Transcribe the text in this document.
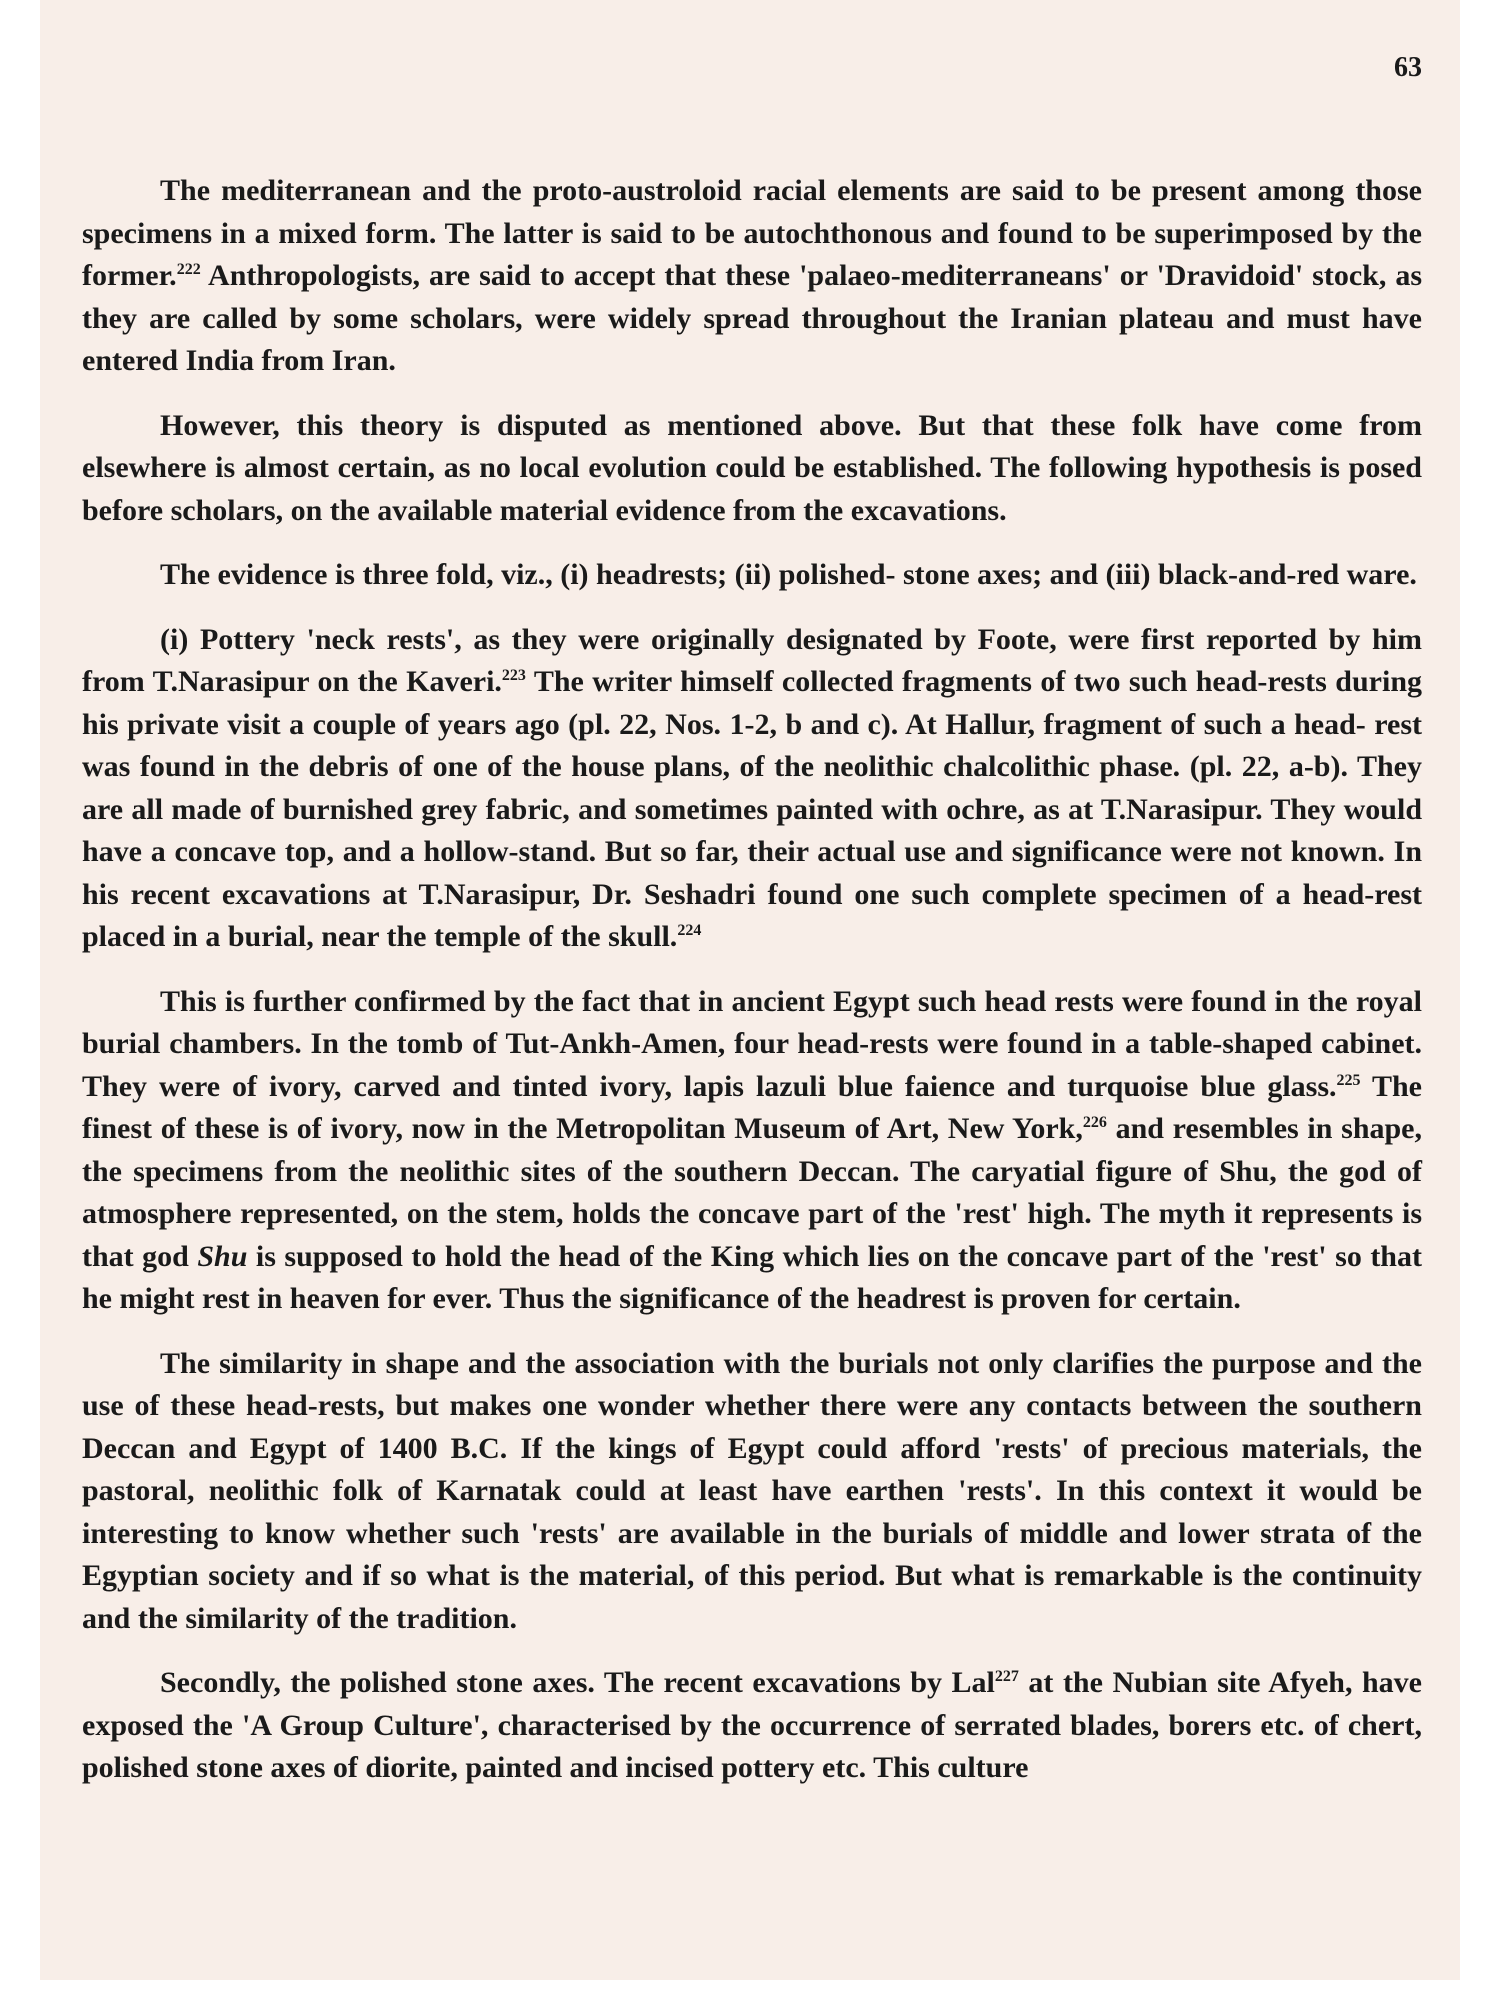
63

The mediterranean and the proto-austroloid racial elements are said to be present among those specimens in a mixed form. The latter is said to be autochthonous and found to be superimposed by the former.$^{222}$ Anthropologists, are said to accept that these 'palaeo-mediterraneans' or 'Dravidoid' stock, as they are called by some scholars, were widely spread throughout the Iranian plateau and must have entered India from Iran.

However, this theory is disputed as mentioned above. But that these folk have come from elsewhere is almost certain, as no local evolution could be established. The following hypothesis is posed before scholars, on the available material evidence from the excavations.

The evidence is three fold, viz., (i) headrests; (ii) polished- stone axes; and (iii) black-and-red ware.

(i) Pottery 'neck rests', as they were originally designated by Foote, were first reported by him from T.Narasipur on the Kaveri.$^{223}$ The writer himself collected fragments of two such head-rests during his private visit a couple of years ago (pl. 22, Nos. 1-2, b and c). At Hallur, fragment of such a head- rest was found in the debris of one of the house plans, of the neolithic chalcolithic phase. (pl. 22, a-b). They are all made of burnished grey fabric, and sometimes painted with ochre, as at T.Narasipur. They would have a concave top, and a hollow-stand. But so far, their actual use and significance were not known. In his recent excavations at T.Narasipur, Dr. Seshadri found one such complete specimen of a head-rest placed in a burial, near the temple of the skull.$^{224}$

This is further confirmed by the fact that in ancient Egypt such head rests were found in the royal burial chambers. In the tomb of Tut-Ankh-Amen, four head-rests were found in a table-shaped cabinet. They were of ivory, carved and tinted ivory, lapis lazuli blue faience and turquoise blue glass.$^{225}$ The finest of these is of ivory, now in the Metropolitan Museum of Art, New York,$^{226}$ and resembles in shape, the specimens from the neolithic sites of the southern Deccan. The caryatial figure of Shu, the god of atmosphere represented, on the stem, holds the concave part of the 'rest' high. The myth it represents is that god Shu is supposed to hold the head of the King which lies on the concave part of the 'rest' so that he might rest in heaven for ever. Thus the significance of the headrest is proven for certain.

The similarity in shape and the association with the burials not only clarifies the purpose and the use of these head-rests, but makes one wonder whether there were any contacts between the southern Deccan and Egypt of 1400 B.C. If the kings of Egypt could afford 'rests' of precious materials, the pastoral, neolithic folk of Karnatak could at least have earthen 'rests'. In this context it would be interesting to know whether such 'rests' are available in the burials of middle and lower strata of the Egyptian society and if so what is the material, of this period. But what is remarkable is the continuity and the similarity of the tradition.

Secondly, the polished stone axes. The recent excavations by Lal$^{227}$ at the Nubian site Afyeh, have exposed the 'A Group Culture', characterised by the occurrence of serrated blades, borers etc. of chert, polished stone axes of diorite, painted and incised pottery etc. This culture
